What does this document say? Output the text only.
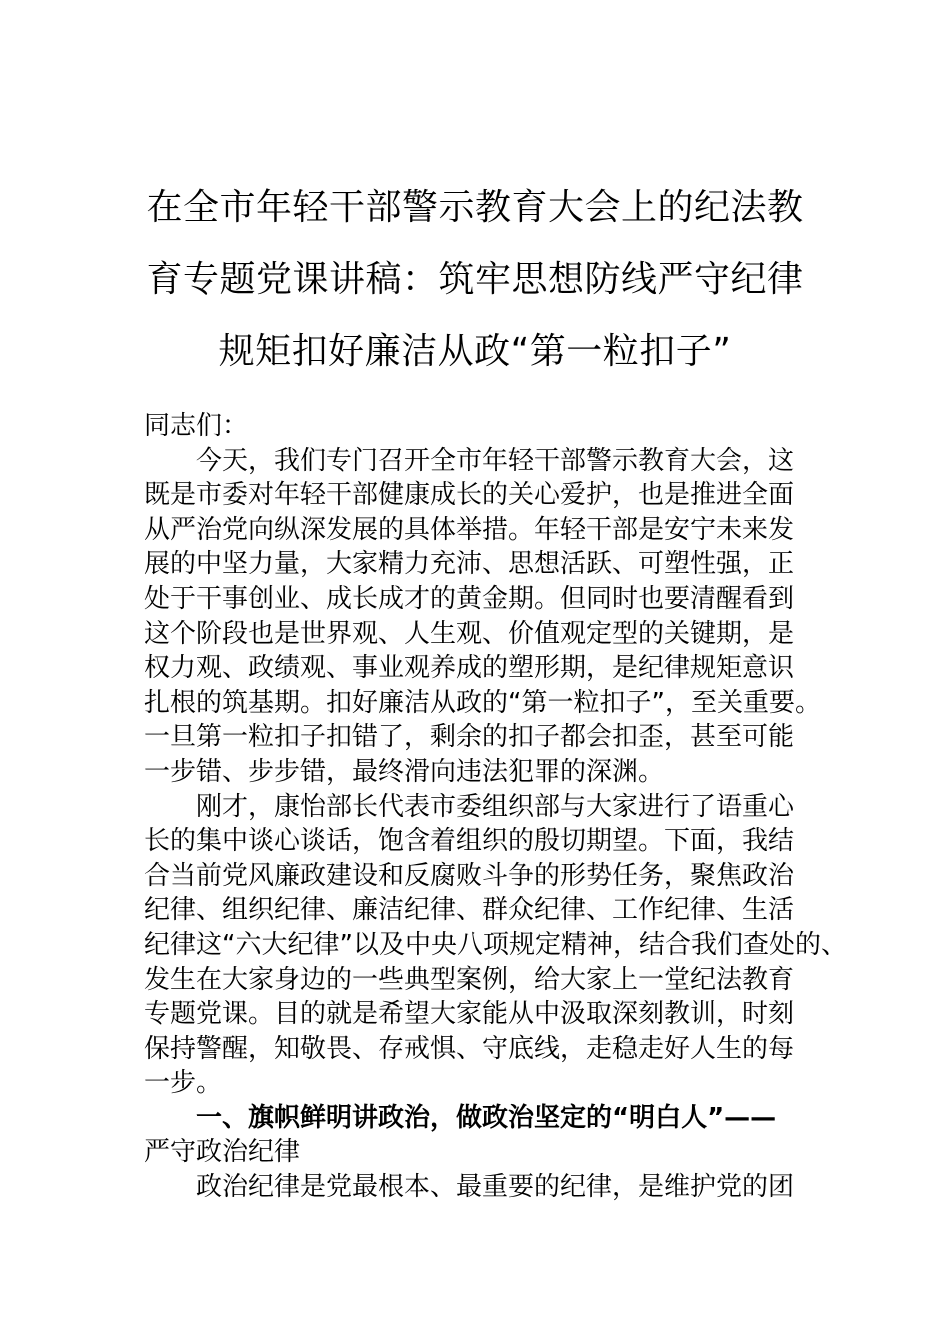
在全市年轻干部警示教育大会上的纪法教
育专题党课讲稿：筑牢思想防线严守纪律
规矩扣好廉洁从政“第一粒扣子”
同志们：
　　今天，我们专门召开全市年轻干部警示教育大会，这
既是市委对年轻干部健康成长的关心爱护，也是推进全面
从严治党向纵深发展的具体举措。年轻干部是安宁未来发
展的中坚力量，大家精力充沛、思想活跃、可塑性强，正
处于干事创业、成长成才的黄金期。但同时也要清醒看到
这个阶段也是世界观、人生观、价值观定型的关键期，是
权力观、政绩观、事业观养成的塑形期，是纪律规矩意识
扎根的筑基期。扣好廉洁从政的“第一粒扣子”，至关重要。
一旦第一粒扣子扣错了，剩余的扣子都会扣歪，甚至可能
一步错、步步错，最终滑向违法犯罪的深渊。
　　刚才，康怡部长代表市委组织部与大家进行了语重心
长的集中谈心谈话，饱含着组织的殷切期望。下面，我结
合当前党风廉政建设和反腐败斗争的形势任务，聚焦政治
纪律、组织纪律、廉洁纪律、群众纪律、工作纪律、生活
纪律这“六大纪律”以及中央八项规定精神，结合我们查处的、
发生在大家身边的一些典型案例，给大家上一堂纪法教育
专题党课。目的就是希望大家能从中汲取深刻教训，时刻
保持警醒，知敬畏、存戒惧、守底线，走稳走好人生的每
一步。
　　一、旗帜鲜明讲政治，做政治坚定的“明白人”——
严守政治纪律
　　政治纪律是党最根本、最重要的纪律，是维护党的团
